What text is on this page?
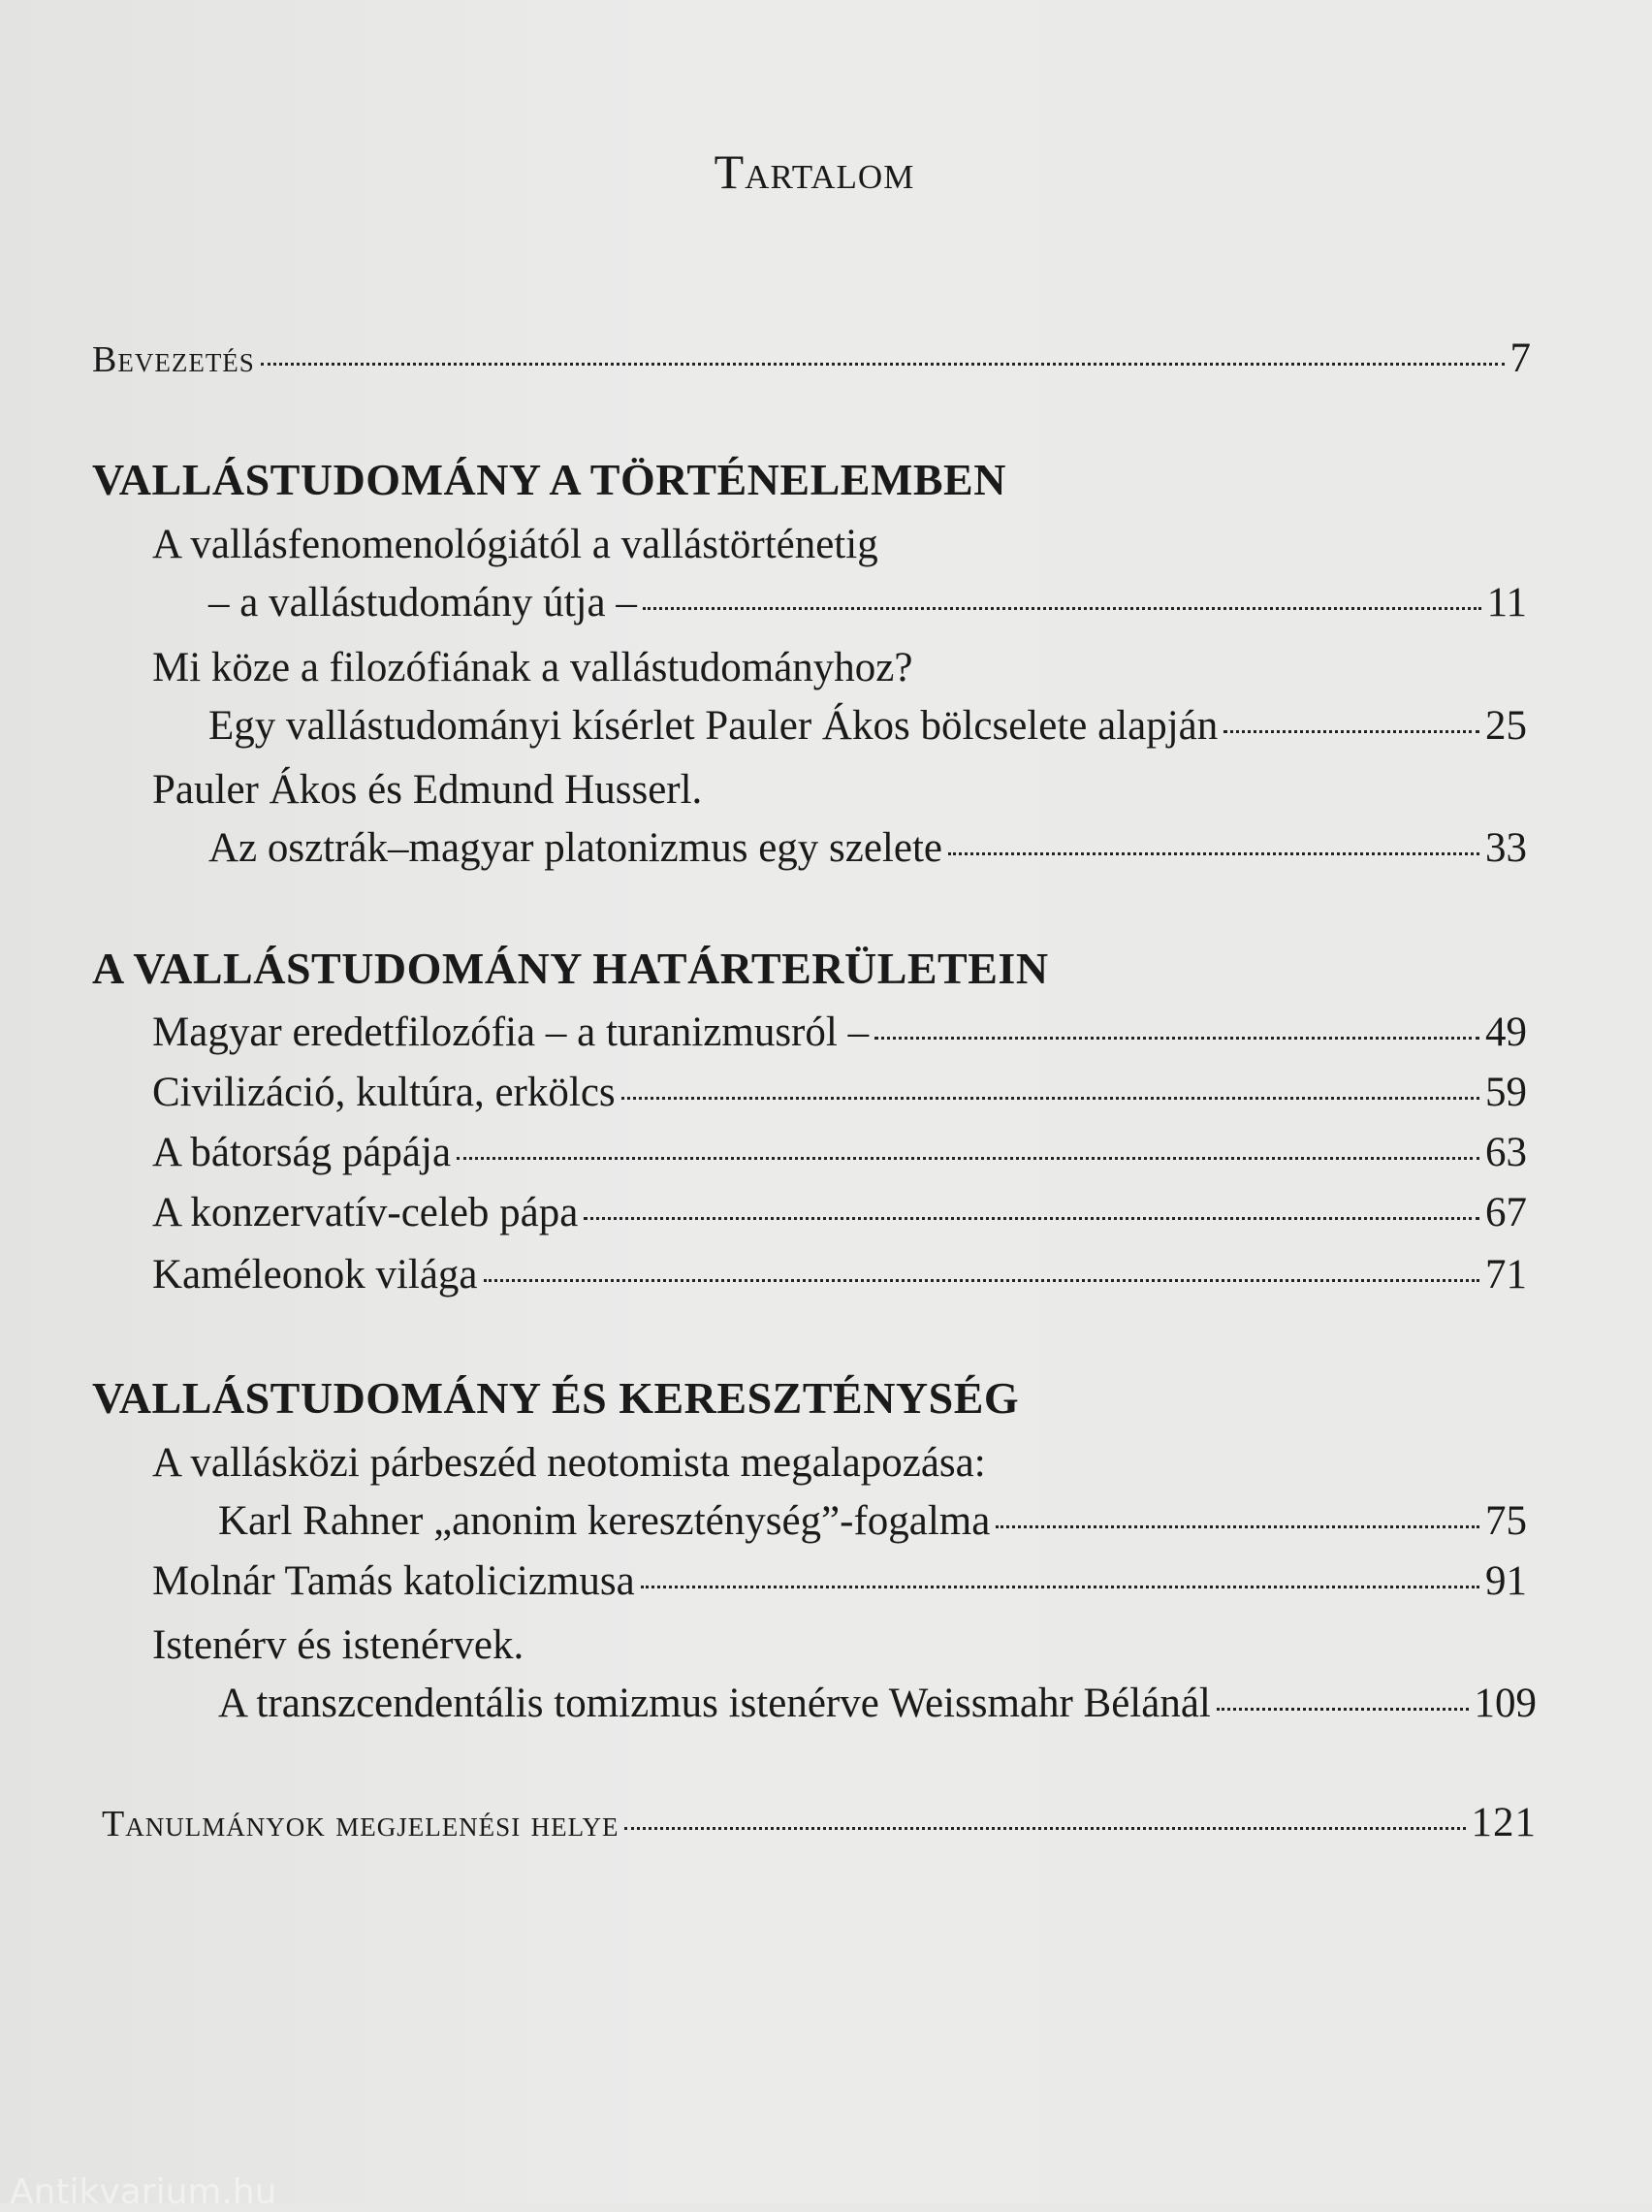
Tartalom
Bevezetés	7
VALLÁSTUDOMÁNY A TÖRTÉNELEMBEN
A vallásfenomenológiától a vallástörténetig
– a vallástudomány útja –	11
Mi köze a filozófiának a vallástudományhoz?
Egy vallástudományi kísérlet Pauler Ákos bölcselete alapján	25
Pauler Ákos és Edmund Husserl.
Az osztrák–magyar platonizmus egy szelete	33
A VALLÁSTUDOMÁNY HATÁRTERÜLETEIN
Magyar eredetfilozófia – a turanizmusról –	49
Civilizáció, kultúra, erkölcs	59
A bátorság pápája	63
A konzervatív-celeb pápa	67
Kaméleonok világa	71
VALLÁSTUDOMÁNY ÉS KERESZTÉNYSÉG
A vallásközi párbeszéd neotomista megalapozása:
Karl Rahner „anonim kereszténység”-fogalma	75
Molnár Tamás katolicizmusa	91
Istenérv és istenérvek.
A transzcendentális tomizmus istenérve Weissmahr Bélánál	109
Tanulmányok megjelenési helye	121
Antikvarium.hu
